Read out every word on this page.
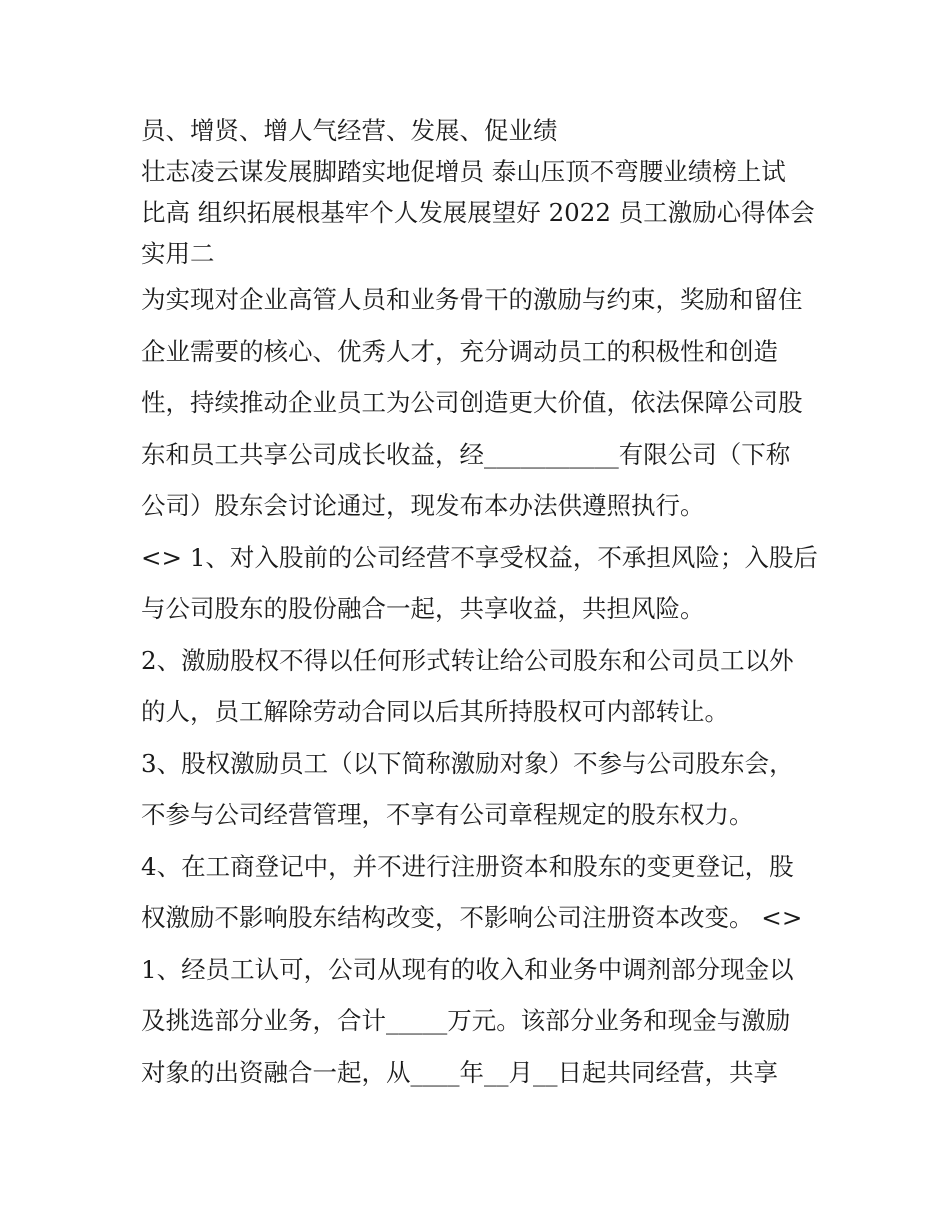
员、增贤、增人气经营、发展、促业绩
壮志凌云谋发展脚踏实地促增员 泰山压顶不弯腰业绩榜上试
比高 组织拓展根基牢个人发展展望好 2022 员工激励心得体会
实用二
为实现对企业高管人员和业务骨干的激励与约束，奖励和留住
企业需要的核心、优秀人才，充分调动员工的积极性和创造
性，持续推动企业员工为公司创造更大价值，依法保障公司股
东和员工共享公司成长收益，经___________有限公司（下称
公司）股东会讨论通过，现发布本办法供遵照执行。
<> 1、对入股前的公司经营不享受权益，不承担风险；入股后
与公司股东的股份融合一起，共享收益，共担风险。
2、激励股权不得以任何形式转让给公司股东和公司员工以外
的人，员工解除劳动合同以后其所持股权可内部转让。
3、股权激励员工（以下简称激励对象）不参与公司股东会，
不参与公司经营管理，不享有公司章程规定的股东权力。
4、在工商登记中，并不进行注册资本和股东的变更登记，股
权激励不影响股东结构改变，不影响公司注册资本改变。 <>
1、经员工认可，公司从现有的收入和业务中调剂部分现金以
及挑选部分业务，合计_____万元。该部分业务和现金与激励
对象的出资融合一起，从____年__月__日起共同经营，共享
